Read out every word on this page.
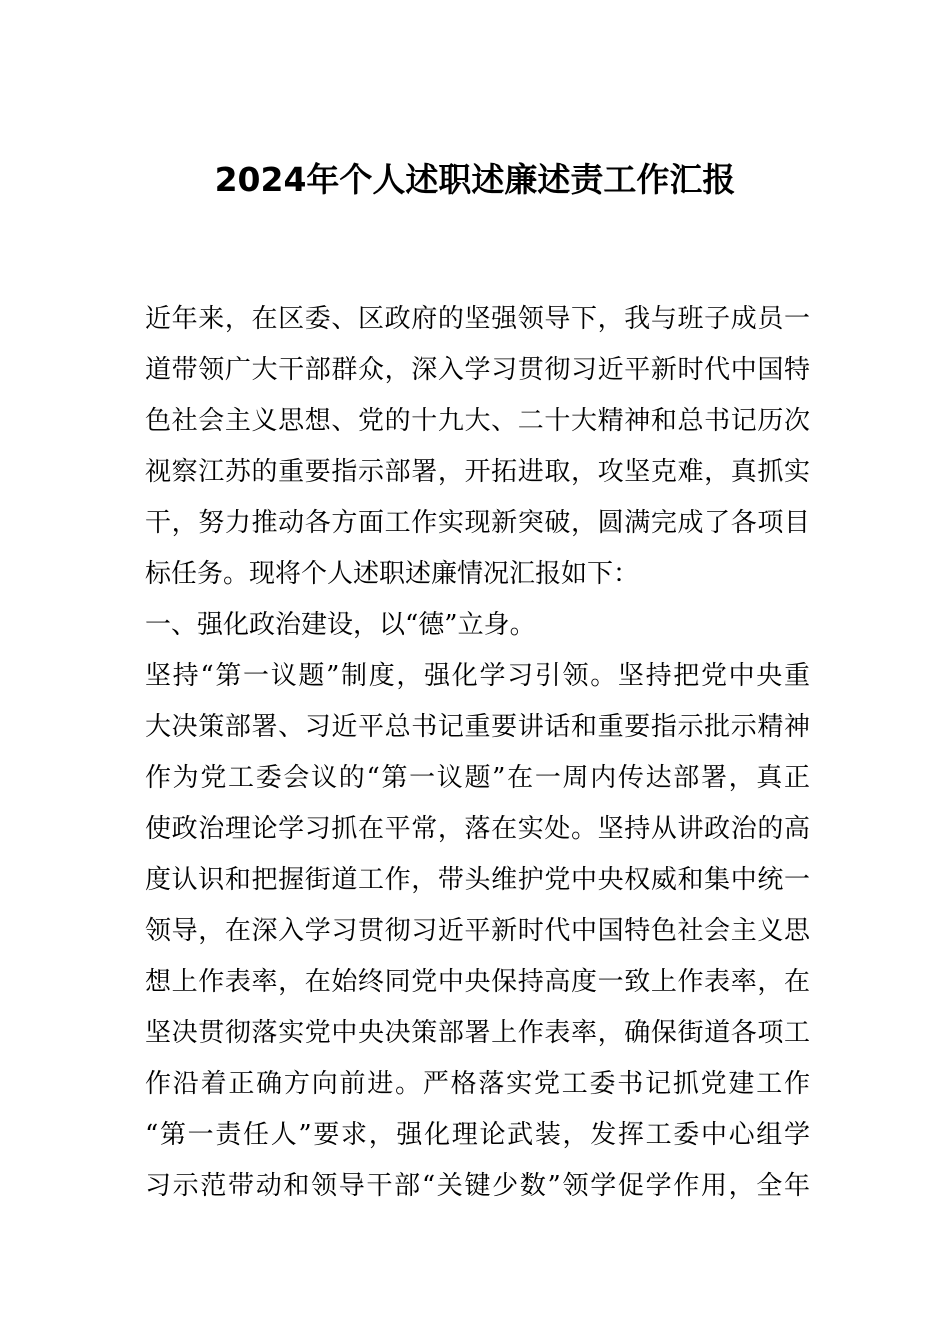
2024年个人述职述廉述责工作汇报
近年来，在区委、区政府的坚强领导下，我与班子成员一
道带领广大干部群众，深入学习贯彻习近平新时代中国特
色社会主义思想、党的十九大、二十大精神和总书记历次
视察江苏的重要指示部署，开拓进取，攻坚克难，真抓实
干，努力推动各方面工作实现新突破，圆满完成了各项目
标任务。现将个人述职述廉情况汇报如下：
一、强化政治建设，以“德”立身。
坚持“第一议题”制度，强化学习引领。坚持把党中央重
大决策部署、习近平总书记重要讲话和重要指示批示精神
作为党工委会议的“第一议题”在一周内传达部署，真正
使政治理论学习抓在平常，落在实处。坚持从讲政治的高
度认识和把握街道工作，带头维护党中央权威和集中统一
领导，在深入学习贯彻习近平新时代中国特色社会主义思
想上作表率，在始终同党中央保持高度一致上作表率，在
坚决贯彻落实党中央决策部署上作表率，确保街道各项工
作沿着正确方向前进。严格落实党工委书记抓党建工作
“第一责任人”要求，强化理论武装，发挥工委中心组学
习示范带动和领导干部“关键少数”领学促学作用，全年
